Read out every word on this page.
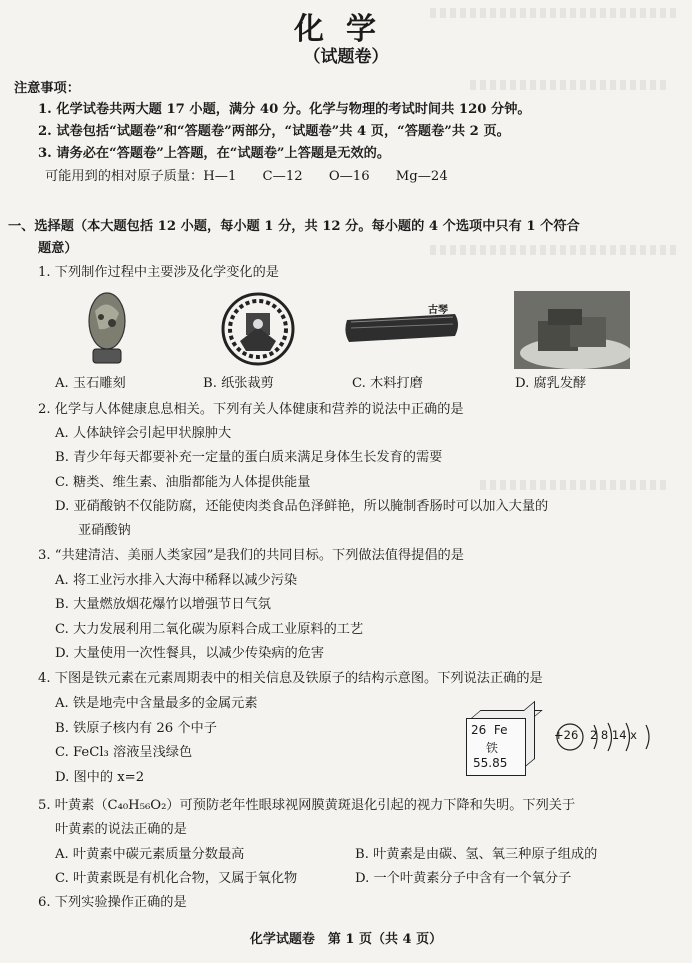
化学
（试题卷）
注意事项：
1. 化学试卷共两大题 17 小题，满分 40 分。化学与物理的考试时间共 120 分钟。
2. 试卷包括“试题卷”和“答题卷”两部分，“试题卷”共 4 页，“答题卷”共 2 页。
3. 请务必在“答题卷”上答题，在“试题卷”上答题是无效的。
可能用到的相对原子质量：H—1 C—12 O—16 Mg—24
一、选择题（本大题包括 12 小题，每小题 1 分，共 12 分。每小题的 4 个选项中只有 1 个符合
题意）
1. 下列制作过程中主要涉及化学变化的是
古琴
A. 玉石雕刻	B. 纸张裁剪	C. 木料打磨	D. 腐乳发酵
2. 化学与人体健康息息相关。下列有关人体健康和营养的说法中正确的是
A. 人体缺锌会引起甲状腺肿大
B. 青少年每天都要补充一定量的蛋白质来满足身体生长发育的需要
C. 糖类、维生素、油脂都能为人体提供能量
D. 亚硝酸钠不仅能防腐，还能使肉类食品色泽鲜艳，所以腌制香肠时可以加入大量的
亚硝酸钠
3. “共建清洁、美丽人类家园”是我们的共同目标。下列做法值得提倡的是
A. 将工业污水排入大海中稀释以减少污染
B. 大量燃放烟花爆竹以增强节日气氛
C. 大力发展利用二氧化碳为原料合成工业原料的工艺
D. 大量使用一次性餐具，以减少传染病的危害
4. 下图是铁元素在元素周期表中的相关信息及铁原子的结构示意图。下列说法正确的是
A. 铁是地壳中含量最多的金属元素
B. 铁原子核内有 26 个中子
C. FeCl₃ 溶液呈浅绿色
D. 图中的 x=2
26 Fe
铁
55.85
+26 2 8 14 x
5. 叶黄素（C₄₀H₅₆O₂）可预防老年性眼球视网膜黄斑退化引起的视力下降和失明。下列关于
叶黄素的说法正确的是
A. 叶黄素中碳元素质量分数最高	B. 叶黄素是由碳、氢、氧三种原子组成的
C. 叶黄素既是有机化合物，又属于氧化物	D. 一个叶黄素分子中含有一个氧分子
6. 下列实验操作正确的是
化学试题卷　第 1 页（共 4 页）
